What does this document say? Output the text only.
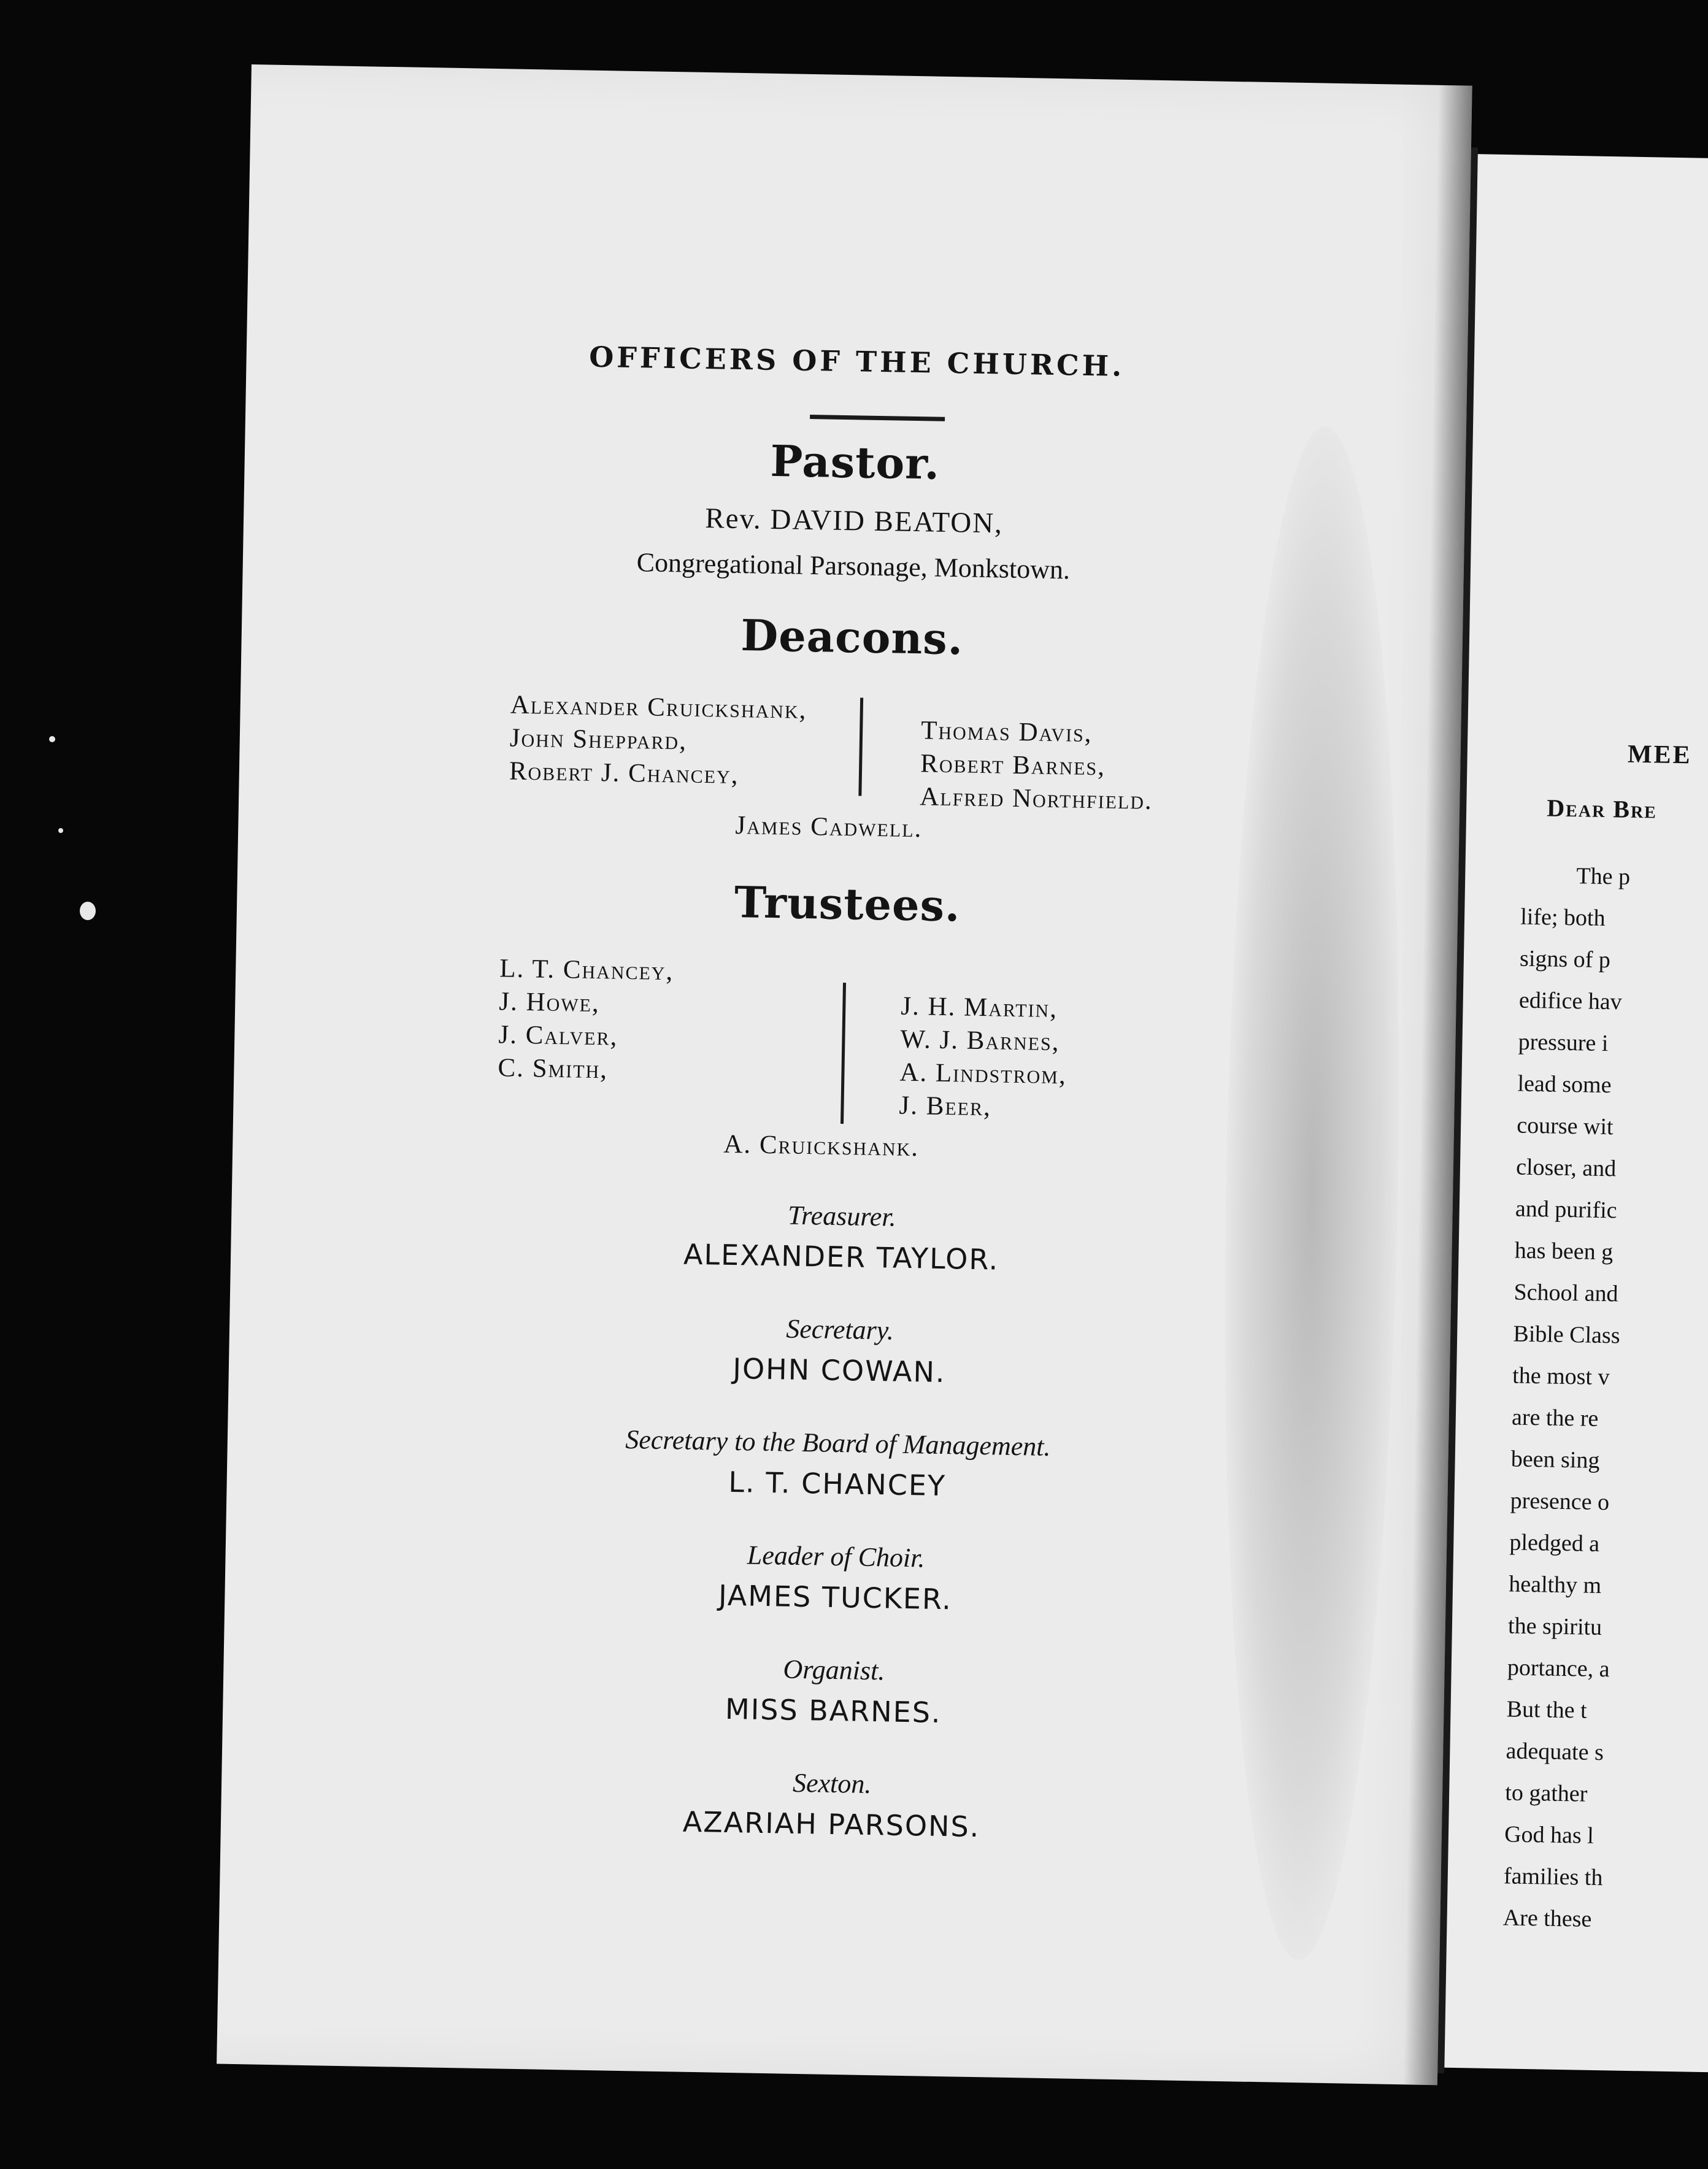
MEE
Dear Bre
The p
life; both
signs of p
edifice hav
pressure i
lead some
course wit
closer, and
and purific
has been g
School and
Bible Class
the most v
are the re
been sing
presence o
pledged a
healthy m
the spiritu
portance, a
But the t
adequate s
to gather
God has l
families th
Are these
OFFICERS OF THE CHURCH.
Pastor.
Rev. DAVID BEATON,
Congregational Parsonage, Monkstown.
Deacons.
Alexander Cruickshank,
John Sheppard,
Robert J. Chancey,
Thomas Davis,
Robert Barnes,
Alfred Northfield.
James Cadwell.
Trustees.
L. T. Chancey,
J. Howe,
J. Calver,
C. Smith,
J. H. Martin,
W. J. Barnes,
A. Lindstrom,
J. Beer,
A. Cruickshank.
Treasurer.
ALEXANDER TAYLOR.
Secretary.
JOHN COWAN.
Secretary to the Board of Management.
L. T. CHANCEY
Leader of Choir.
JAMES TUCKER.
Organist.
MISS BARNES.
Sexton.
AZARIAH PARSONS.
